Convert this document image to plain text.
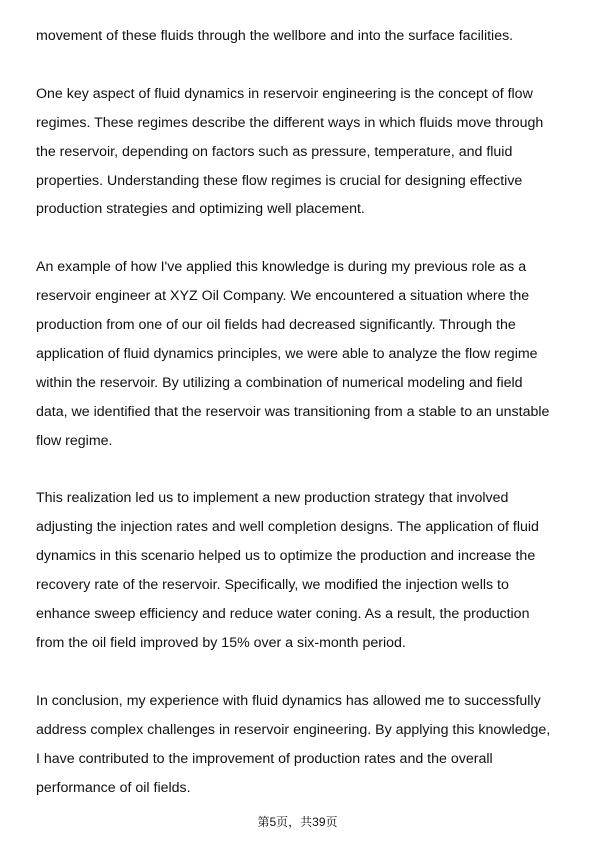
movement of these fluids through the wellbore and into the surface facilities.
One key aspect of fluid dynamics in reservoir engineering is the concept of flow
regimes. These regimes describe the different ways in which fluids move through
the reservoir, depending on factors such as pressure, temperature, and fluid
properties. Understanding these flow regimes is crucial for designing effective
production strategies and optimizing well placement.
An example of how I've applied this knowledge is during my previous role as a
reservoir engineer at XYZ Oil Company. We encountered a situation where the
production from one of our oil fields had decreased significantly. Through the
application of fluid dynamics principles, we were able to analyze the flow regime
within the reservoir. By utilizing a combination of numerical modeling and field
data, we identified that the reservoir was transitioning from a stable to an unstable
flow regime.
This realization led us to implement a new production strategy that involved
adjusting the injection rates and well completion designs. The application of fluid
dynamics in this scenario helped us to optimize the production and increase the
recovery rate of the reservoir. Specifically, we modified the injection wells to
enhance sweep efficiency and reduce water coning. As a result, the production
from the oil field improved by 15% over a six-month period.
In conclusion, my experience with fluid dynamics has allowed me to successfully
address complex challenges in reservoir engineering. By applying this knowledge,
I have contributed to the improvement of production rates and the overall
performance of oil fields.
第5页，共39页
